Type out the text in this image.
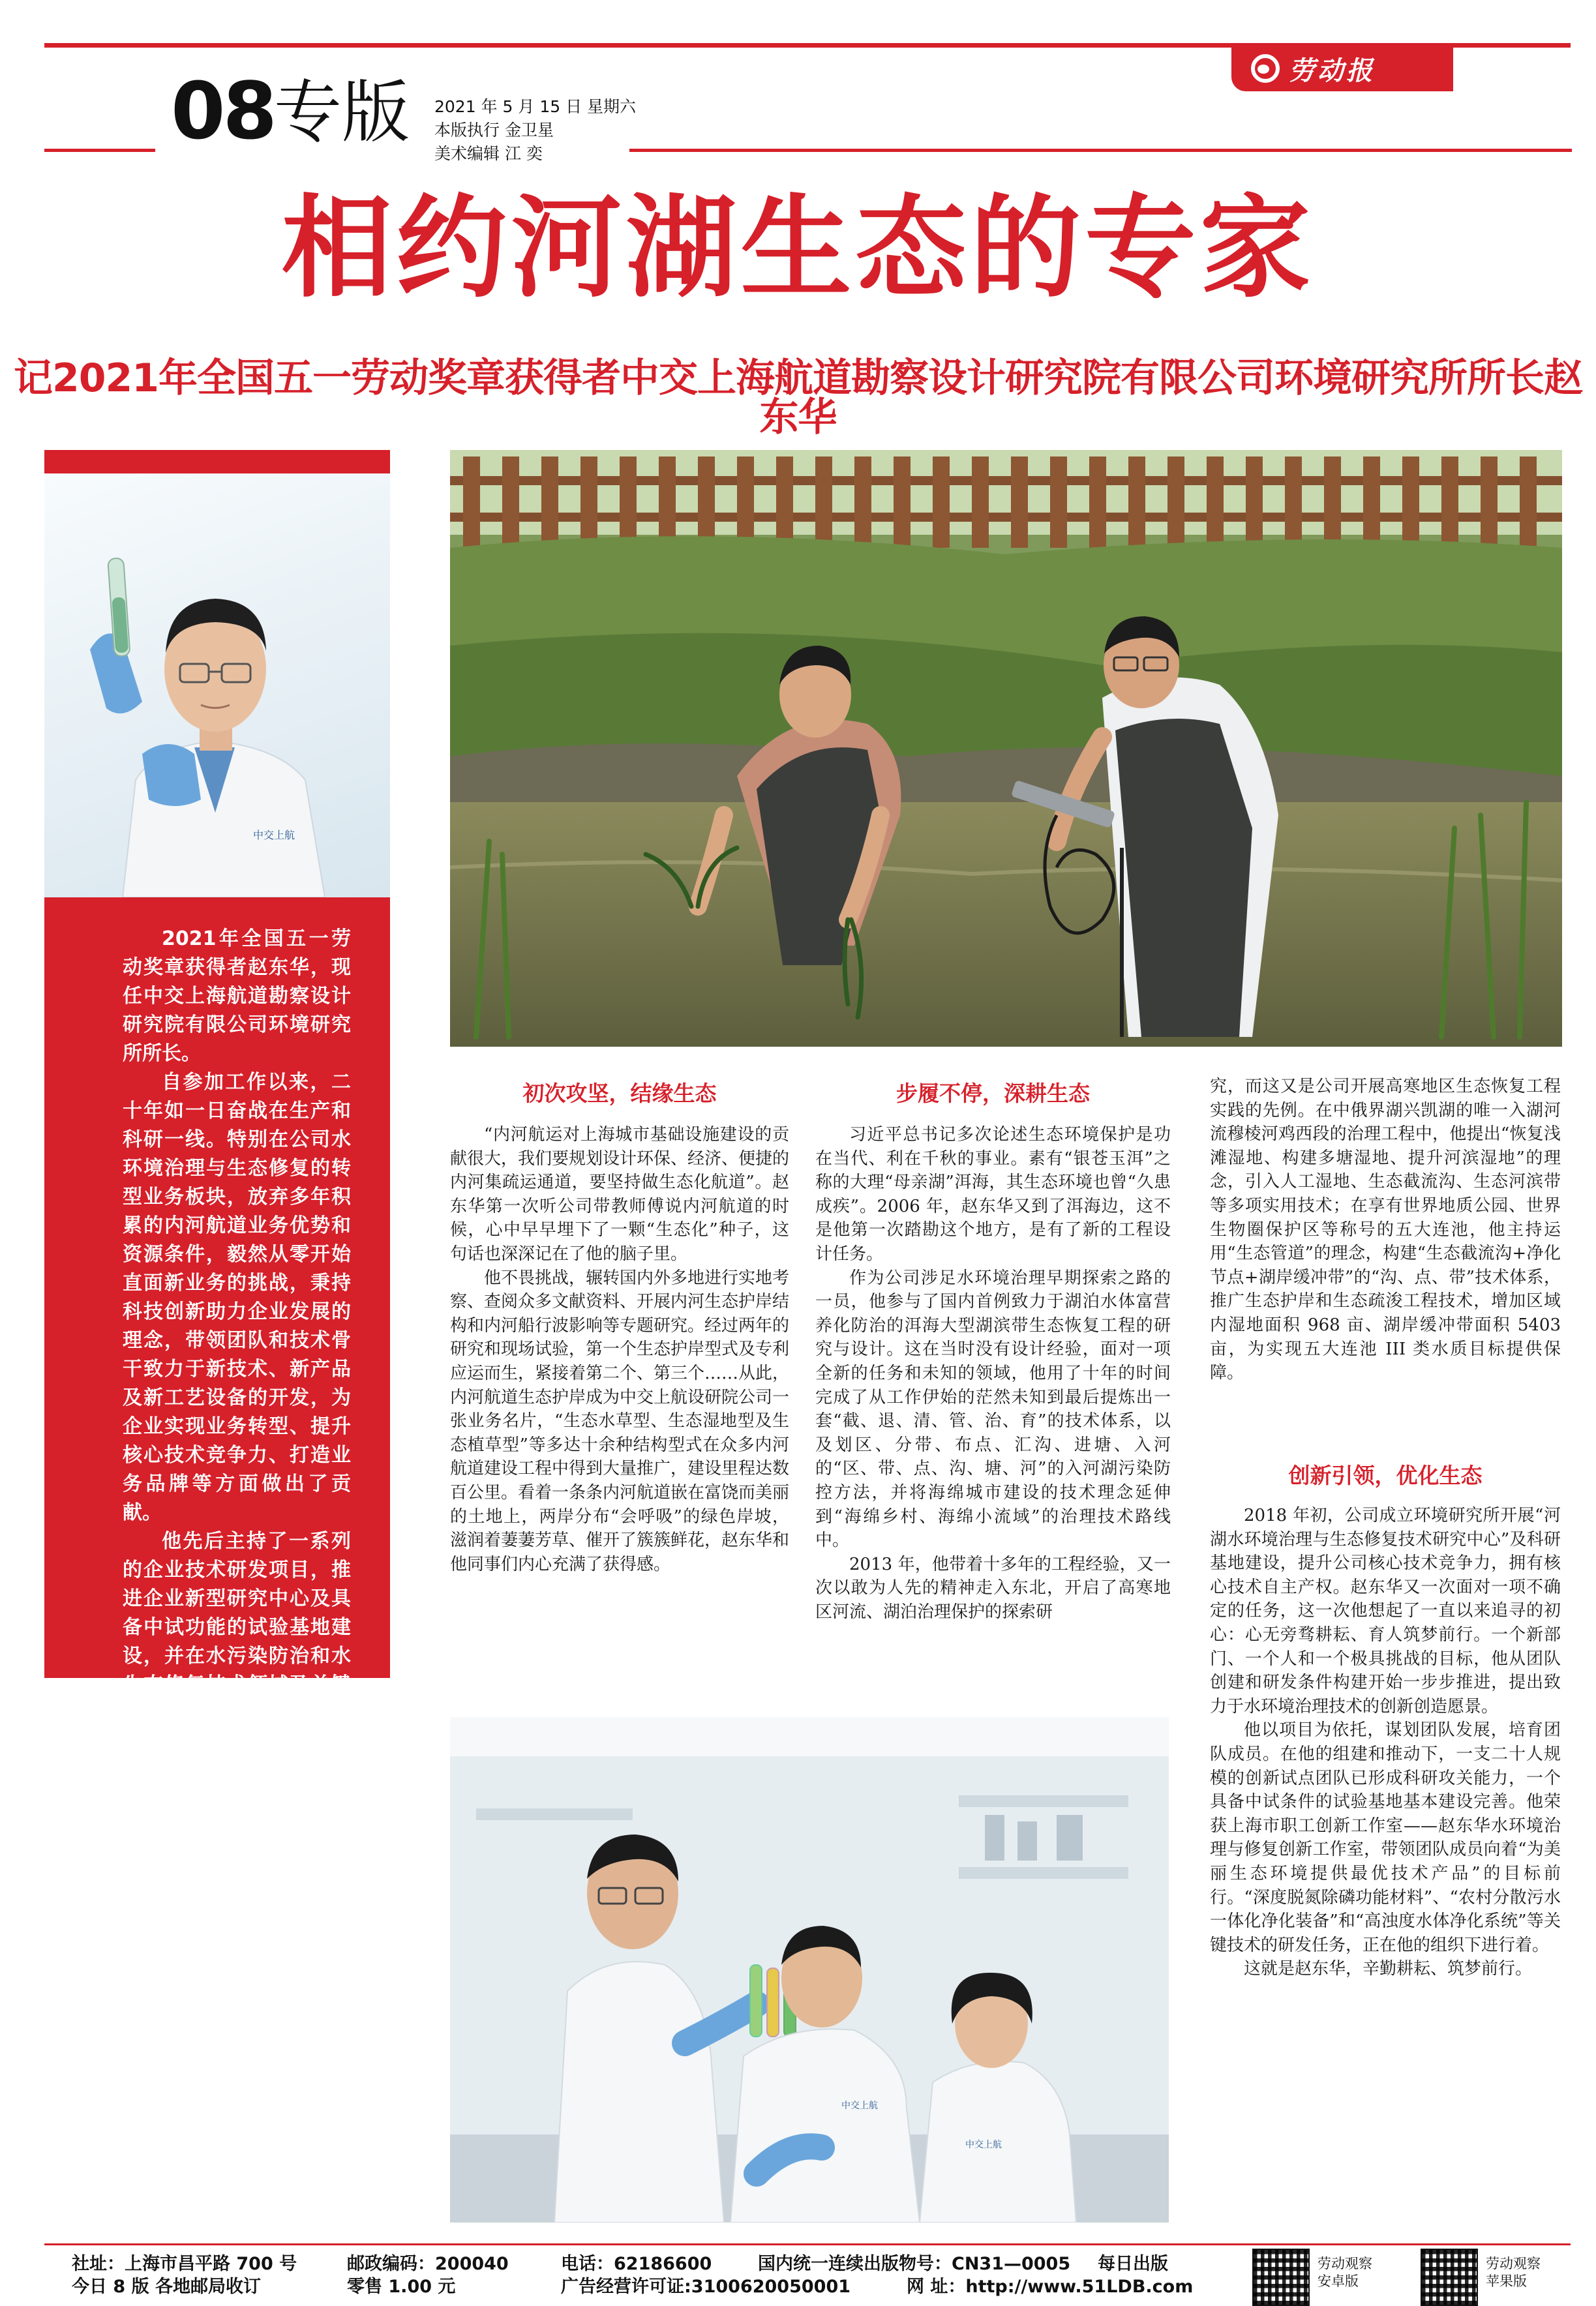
08 专版 2021 年 5 月 15 日 星期六
本版执行 金卫星
美术编辑 江 奕
劳动报
相约河湖生态的专家
记2021年全国五一劳动奖章获得者中交上海航道勘察设计研究院有限公司环境研究所所长赵东华
中交上航

2021年全国五一劳动奖章获得者赵东华，现任中交上海航道勘察设计研究院有限公司环境研究所所长。

自参加工作以来，二十年如一日奋战在生产和科研一线。特别在公司水环境治理与生态修复的转型业务板块，放弃多年积累的内河航道业务优势和资源条件，毅然从零开始直面新业务的挑战，秉持科技创新助力企业发展的理念，带领团队和技术骨干致力于新技术、新产品及新工艺设备的开发，为企业实现业务转型、提升核心技术竞争力、打造业务品牌等方面做出了贡献。

他先后主持了一系列的企业技术研发项目，推进企业新型研究中心及具备中试功能的试验基地建设，并在水污染防治和水生态修复技术领域及关键环节取得多项新进展，进一步提升了企业的科研硬实力和配套软实力，始终用实际行动书写对生态疏浚事业发展的无限热爱与忠诚。

初次攻坚，结缘生态	步履不停，深耕生态
创新引领，优化生态

“内河航运对上海城市基础设施建设的贡献很大，我们要规划设计环保、经济、便捷的内河集疏运通道，要坚持做生态化航道”。赵东华第一次听公司带教师傅说内河航道的时候，心中早早埋下了一颗“生态化”种子，这句话也深深记在了他的脑子里。

他不畏挑战，辗转国内外多地进行实地考察、查阅众多文献资料、开展内河生态护岸结构和内河船行波影响等专题研究。经过两年的研究和现场试验，第一个生态护岸型式及专利应运而生，紧接着第二个、第三个……从此，内河航道生态护岸成为中交上航设研院公司一张业务名片，“生态水草型、生态湿地型及生态植草型”等多达十余种结构型式在众多内河航道建设工程中得到大量推广，建设里程达数百公里。看着一条条内河航道嵌在富饶而美丽的土地上，两岸分布“会呼吸”的绿色岸坡，滋润着萋萋芳草、催开了簇簇鲜花，赵东华和他同事们内心充满了获得感。

习近平总书记多次论述生态环境保护是功在当代、利在千秋的事业。素有“银苍玉洱”之称的大理“母亲湖”洱海，其生态环境也曾“久患成疾”。2006 年，赵东华又到了洱海边，这不是他第一次踏勘这个地方，是有了新的工程设计任务。

作为公司涉足水环境治理早期探索之路的一员，他参与了国内首例致力于湖泊水体富营养化防治的洱海大型湖滨带生态恢复工程的研究与设计。这在当时没有设计经验，面对一项全新的任务和未知的领域，他用了十年的时间完成了从工作伊始的茫然未知到最后提炼出一套“截、退、清、管、治、育”的技术体系，以及划区、分带、布点、汇沟、进塘、入河的“区、带、点、沟、塘、河”的入河湖污染防控方法，并将海绵城市建设的技术理念延伸到“海绵乡村、海绵小流域”的治理技术路线中。

2013 年，他带着十多年的工程经验，又一次以敢为人先的精神走入东北，开启了高寒地区河流、湖泊治理保护的探索研

究，而这又是公司开展高寒地区生态恢复工程实践的先例。在中俄界湖兴凯湖的唯一入湖河流穆棱河鸡西段的治理工程中，他提出“恢复浅滩湿地、构建多塘湿地、提升河滨湿地”的理念，引入人工湿地、生态截流沟、生态河滨带等多项实用技术；在享有世界地质公园、世界生物圈保护区等称号的五大连池，他主持运用“生态管道”的理念，构建“生态截流沟+净化节点+湖岸缓冲带”的“沟、点、带”技术体系，推广生态护岸和生态疏浚工程技术，增加区域内湿地面积 968 亩、湖岸缓冲带面积 5403 亩，为实现五大连池 III 类水质目标提供保障。

2018 年初，公司成立环境研究所开展“河湖水环境治理与生态修复技术研究中心”及科研基地建设，提升公司核心技术竞争力，拥有核心技术自主产权。赵东华又一次面对一项不确定的任务，这一次他想起了一直以来追寻的初心：心无旁骛耕耘、育人筑梦前行。一个新部门、一个人和一个极具挑战的目标，他从团队创建和研发条件构建开始一步步推进，提出致力于水环境治理技术的创新创造愿景。

他以项目为依托，谋划团队发展，培育团队成员。在他的组建和推动下，一支二十人规模的创新试点团队已形成科研攻关能力，一个具备中试条件的试验基地基本建设完善。他荣获上海市职工创新工作室——赵东华水环境治理与修复创新工作室，带领团队成员向着“为美丽生态环境提供最优技术产品”的目标前行。“深度脱氮除磷功能材料”、“农村分散污水一体化净化装备”和“高浊度水体净化系统”等关键技术的研发任务，正在他的组织下进行着。

这就是赵东华，辛勤耕耘、筑梦前行。

中交上航
中交上航
社址：上海市昌平路 700 号
今日 8 版 各地邮局收订
邮政编码：200040
零售 1.00 元
电话：62186600
广告经营许可证:3100620050001
国内统一连续出版物号：CN31—0005
网 址：http://www.51LDB.com
每日出版	劳动观察
安卓版
劳动观察
苹果版
